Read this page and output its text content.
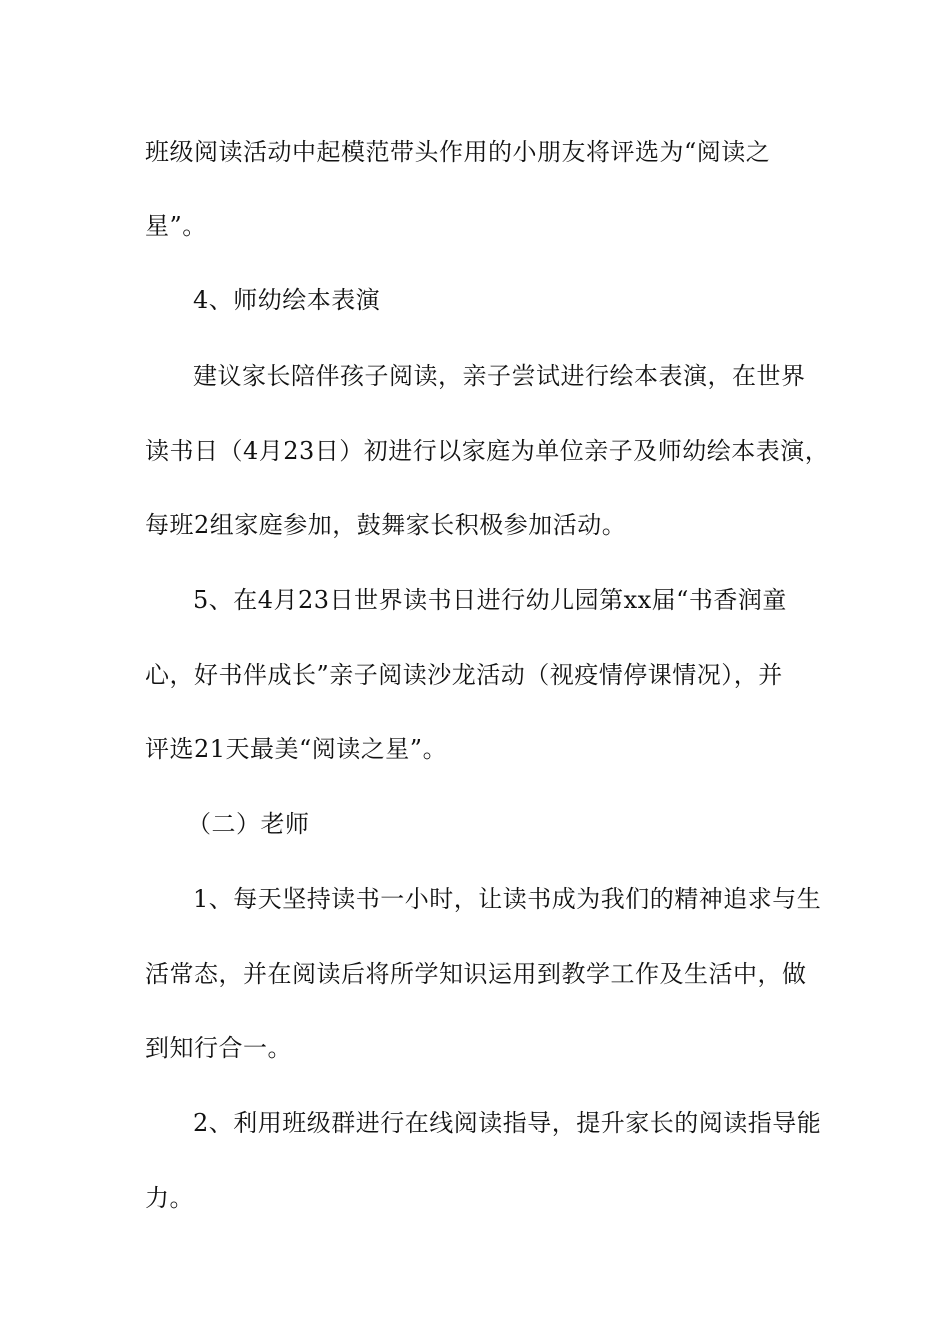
班级阅读活动中起模范带头作用的小朋友将评选为“阅读之
星”。
4、师幼绘本表演
建议家长陪伴孩子阅读，亲子尝试进行绘本表演，在世界
读书日（4月23日）初进行以家庭为单位亲子及师幼绘本表演，
每班2组家庭参加，鼓舞家长积极参加活动。
5、在4月23日世界读书日进行幼儿园第xx届“书香润童
心，好书伴成长”亲子阅读沙龙活动（视疫情停课情况），并
评选21天最美“阅读之星”。
（二）老师
1、每天坚持读书一小时，让读书成为我们的精神追求与生
活常态，并在阅读后将所学知识运用到教学工作及生活中，做
到知行合一。
2、利用班级群进行在线阅读指导，提升家长的阅读指导能
力。
